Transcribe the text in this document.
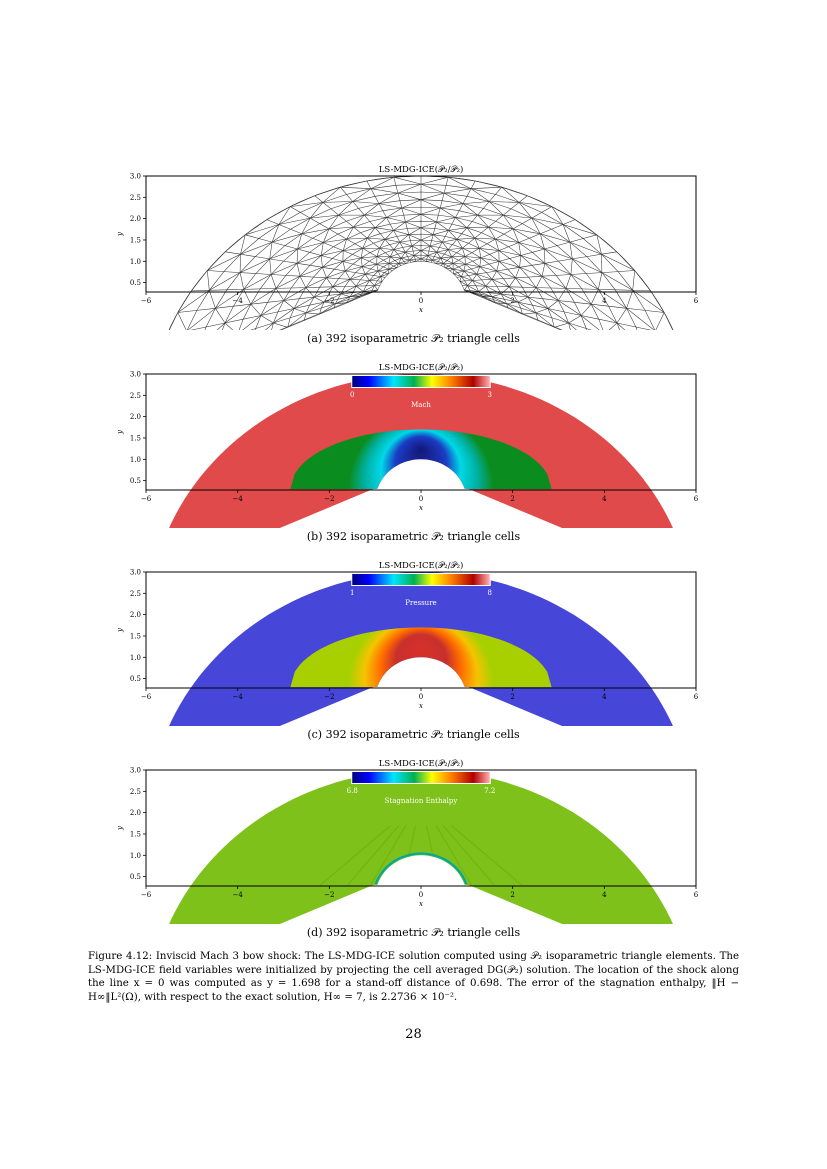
LS-MDG-ICE(𝒫₂/𝒫₂)
−6	−4	−2	0	2	4	6
x
0.5
1.0
1.5
2.0
2.5
3.0
y
(a) 392 isoparametric 𝒫₂ triangle cells
0	3
Mach
LS-MDG-ICE(𝒫₂/𝒫₂)
−6	−4	−2	0	2	4	6
x
0.5
1.0
1.5
2.0
2.5
3.0
y
(b) 392 isoparametric 𝒫₂ triangle cells
1	8
Pressure
LS-MDG-ICE(𝒫₂/𝒫₂)
−6	−4	−2	0	2	4	6
x
0.5
1.0
1.5
2.0
2.5
3.0
y
(c) 392 isoparametric 𝒫₂ triangle cells
6.8	7.2
Stagnation Enthalpy
LS-MDG-ICE(𝒫₂/𝒫₂)
−6	−4	−2	0	2	4	6
x
0.5
1.0
1.5
2.0
2.5
3.0
y
(d) 392 isoparametric 𝒫₂ triangle cells
Figure 4.12: Inviscid Mach 3 bow shock: The LS-MDG-ICE solution computed using 𝒫₂ isoparametric triangle elements. The LS-MDG-ICE field variables were initialized by projecting the cell averaged DG(𝒫₂) solution. The location of the shock along the line x = 0 was computed as y = 1.698 for a stand-off distance of 0.698. The error of the stagnation enthalpy, ‖H − H∞‖L²(Ω), with respect to the exact solution, H∞ = 7, is 2.2736 × 10⁻².
28
